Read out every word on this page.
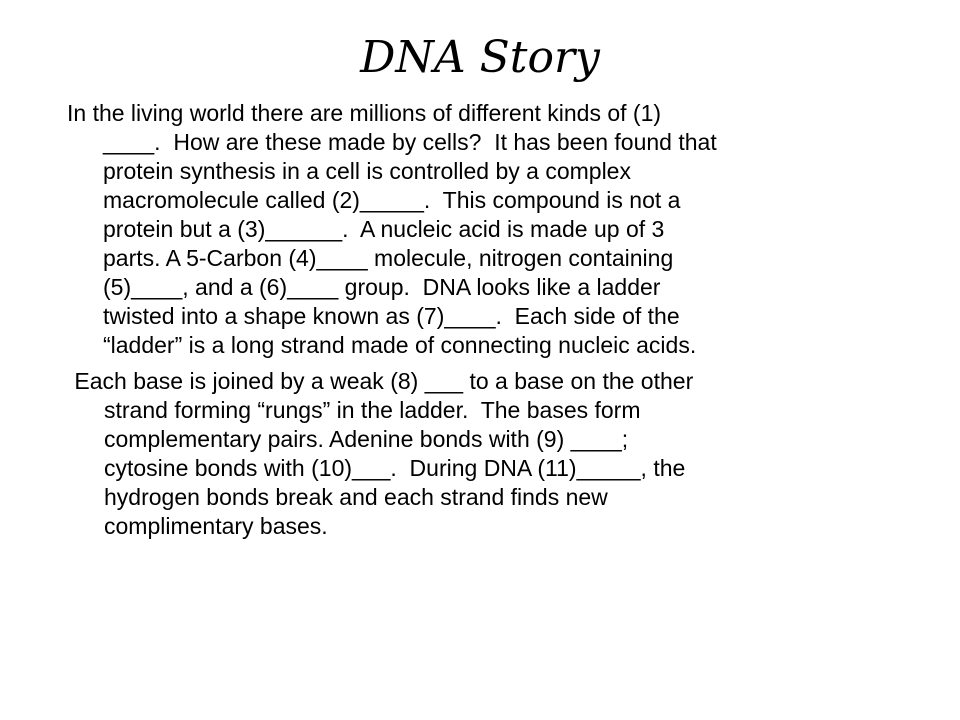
DNA Story
In the living world there are millions of different kinds of (1)
____.  How are these made by cells?  It has been found that
protein synthesis in a cell is controlled by a complex
macromolecule called (2)_____.  This compound is not a
protein but a (3)______.  A nucleic acid is made up of 3
parts. A 5-Carbon (4)____ molecule, nitrogen containing
(5)____, and a (6)____ group.  DNA looks like a ladder
twisted into a shape known as (7)____.  Each side of the
“ladder” is a long strand made of connecting nucleic acids.
Each base is joined by a weak (8) ___ to a base on the other
strand forming “rungs” in the ladder.  The bases form
complementary pairs. Adenine bonds with (9) ____;
cytosine bonds with (10)___.  During DNA (11)_____, the
hydrogen bonds break and each strand finds new
complimentary bases.
